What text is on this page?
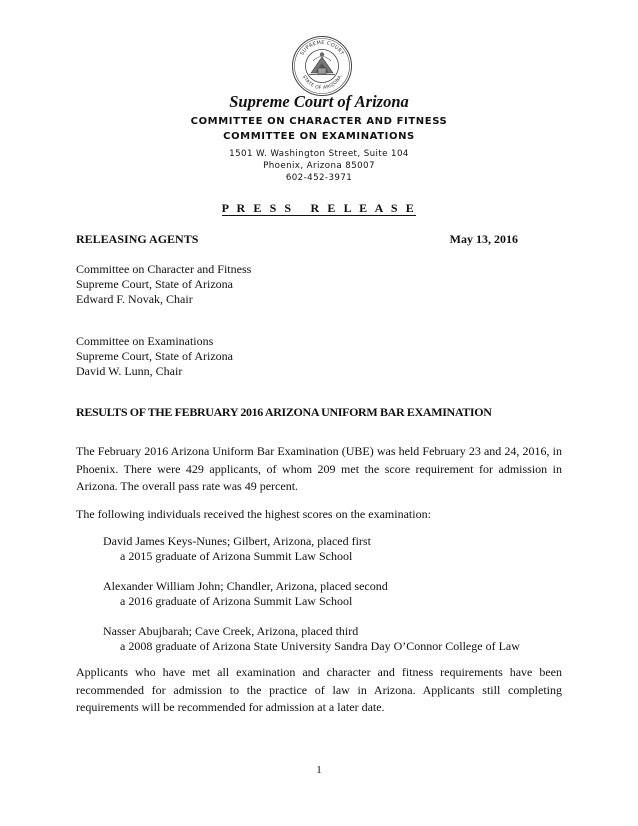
SUPREME COURT
STATE OF ARIZONA
Supreme Court of Arizona
COMMITTEE ON CHARACTER AND FITNESS
COMMITTEE ON EXAMINATIONS
1501 W. Washington Street, Suite 104
Phoenix, Arizona 85007
602-452-3971
P R E S S   R E L E A S E
RELEASING AGENTS	May 13, 2016
Committee on Character and Fitness
Supreme Court, State of Arizona
Edward F. Novak, Chair
Committee on Examinations
Supreme Court, State of Arizona
David W. Lunn, Chair
RESULTS OF THE FEBRUARY 2016 ARIZONA UNIFORM BAR EXAMINATION
The February 2016 Arizona Uniform Bar Examination (UBE) was held February 23 and 24, 2016, in Phoenix. There were 429 applicants, of whom 209 met the score requirement for admission in Arizona. The overall pass rate was 49 percent.
The following individuals received the highest scores on the examination:
David James Keys-Nunes; Gilbert, Arizona, placed first
a 2015 graduate of Arizona Summit Law School
Alexander William John; Chandler, Arizona, placed second
a 2016 graduate of Arizona Summit Law School
Nasser Abujbarah; Cave Creek, Arizona, placed third
a 2008 graduate of Arizona State University Sandra Day O’Connor College of Law
Applicants who have met all examination and character and fitness requirements have been recommended for admission to the practice of law in Arizona. Applicants still completing requirements will be recommended for admission at a later date.
1
